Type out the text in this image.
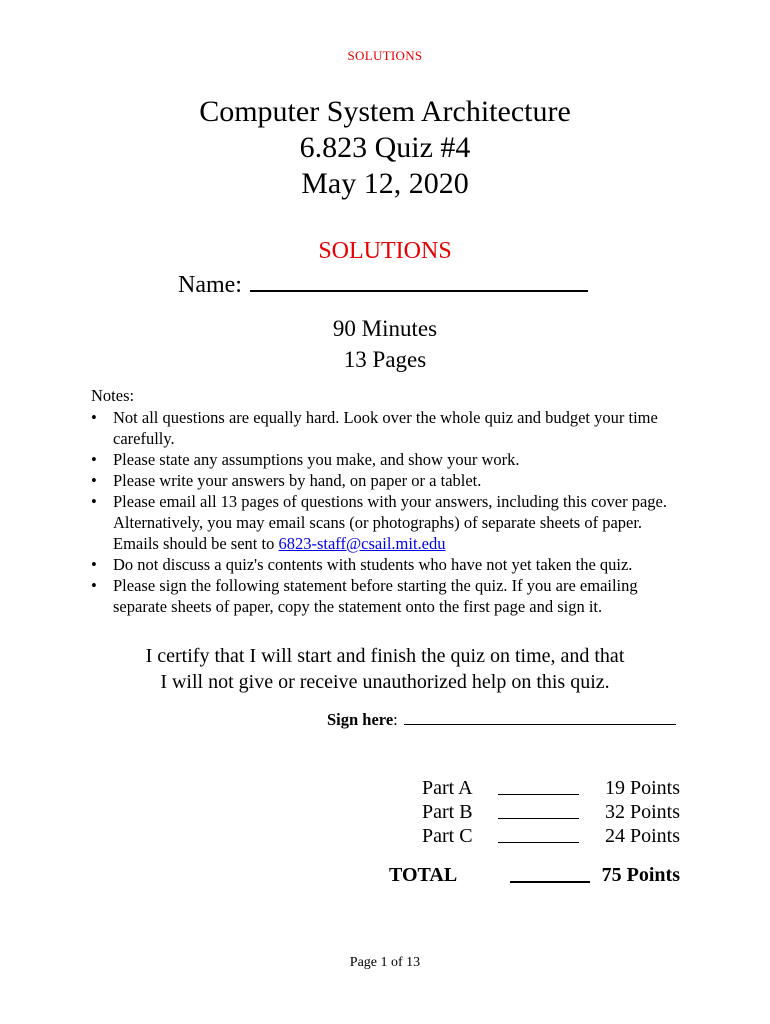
SOLUTIONS
Computer System Architecture
6.823 Quiz #4
May 12, 2020
SOLUTIONS
Name:
90 Minutes
13 Pages
Notes:
• Not all questions are equally hard. Look over the whole quiz and budget your time carefully.
• Please state any assumptions you make, and show your work.
• Please write your answers by hand, on paper or a tablet.
• Please email all 13 pages of questions with your answers, including this cover page. Alternatively, you may email scans (or photographs) of separate sheets of paper. Emails should be sent to 6823-staff@csail.mit.edu
• Do not discuss a quiz's contents with students who have not yet taken the quiz.
• Please sign the following statement before starting the quiz. If you are emailing separate sheets of paper, copy the statement onto the first page and sign it.
I certify that I will start and finish the quiz on time, and that
I will not give or receive unauthorized help on this quiz.
Sign here:
Part A	19 Points
Part B	32 Points
Part C	24 Points
TOTAL	75 Points
Page 1 of 13
